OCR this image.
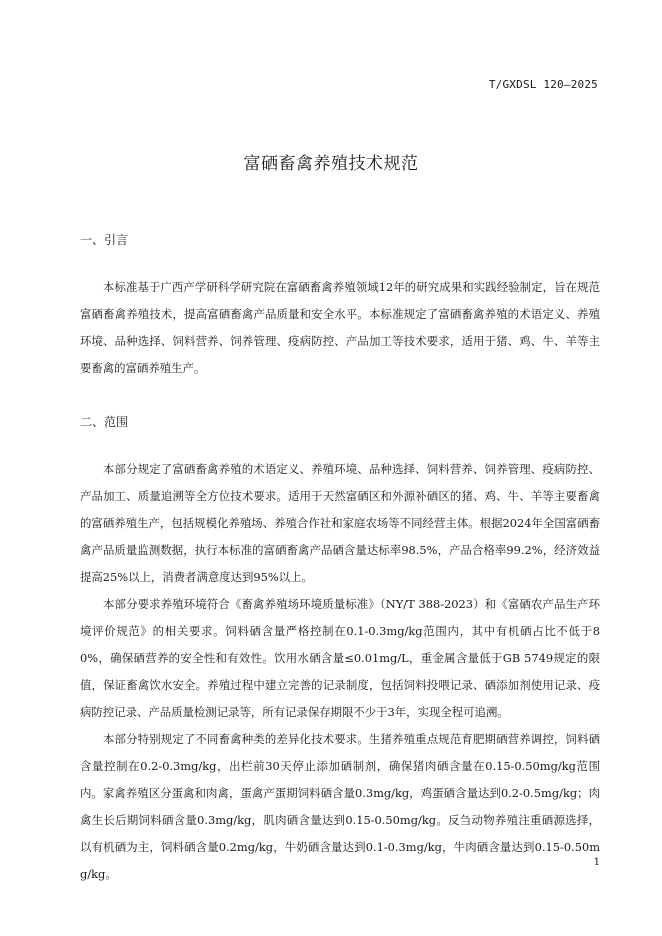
T/GXDSL 120—2025
富硒畜禽养殖技术规范
一、引言

本标准基于广西产学研科学研究院在富硒畜禽养殖领域12年的研究成果和实践经验制定，旨在规范富硒畜禽养殖技术，提高富硒畜禽产品质量和安全水平。本标准规定了富硒畜禽养殖的术语定义、养殖环境、品种选择、饲料营养、饲养管理、疫病防控、产品加工等技术要求，适用于猪、鸡、牛、羊等主要畜禽的富硒养殖生产。

二、范围

本部分规定了富硒畜禽养殖的术语定义、养殖环境、品种选择、饲料营养、饲养管理、疫病防控、产品加工、质量追溯等全方位技术要求。适用于天然富硒区和外源补硒区的猪、鸡、牛、羊等主要畜禽的富硒养殖生产，包括规模化养殖场、养殖合作社和家庭农场等不同经营主体。根据2024年全国富硒畜禽产品质量监测数据，执行本标准的富硒畜禽产品硒含量达标率98.5%，产品合格率99.2%，经济效益提高25%以上，消费者满意度达到95%以上。

本部分要求养殖环境符合《畜禽养殖场环境质量标准》（NY/T 388-2023）和《富硒农产品生产环境评价规范》的相关要求。饲料硒含量严格控制在0.1-0.3mg/kg范围内，其中有机硒占比不低于80%，确保硒营养的安全性和有效性。饮用水硒含量≤0.01mg/L，重金属含量低于GB 5749规定的限值，保证畜禽饮水安全。养殖过程中建立完善的记录制度，包括饲料投喂记录、硒添加剂使用记录、疫病防控记录、产品质量检测记录等，所有记录保存期限不少于3年，实现全程可追溯。

本部分特别规定了不同畜禽种类的差异化技术要求。生猪养殖重点规范育肥期硒营养调控，饲料硒含量控制在0.2-0.3mg/kg，出栏前30天停止添加硒制剂，确保猪肉硒含量在0.15-0.50mg/kg范围内。家禽养殖区分蛋禽和肉禽，蛋禽产蛋期饲料硒含量0.3mg/kg，鸡蛋硒含量达到0.2-0.5mg/kg；肉禽生长后期饲料硒含量0.3mg/kg，肌肉硒含量达到0.15-0.50mg/kg。反刍动物养殖注重硒源选择，以有机硒为主，饲料硒含量0.2mg/kg，牛奶硒含量达到0.1-0.3mg/kg，牛肉硒含量达到0.15-0.50mg/kg。

1
